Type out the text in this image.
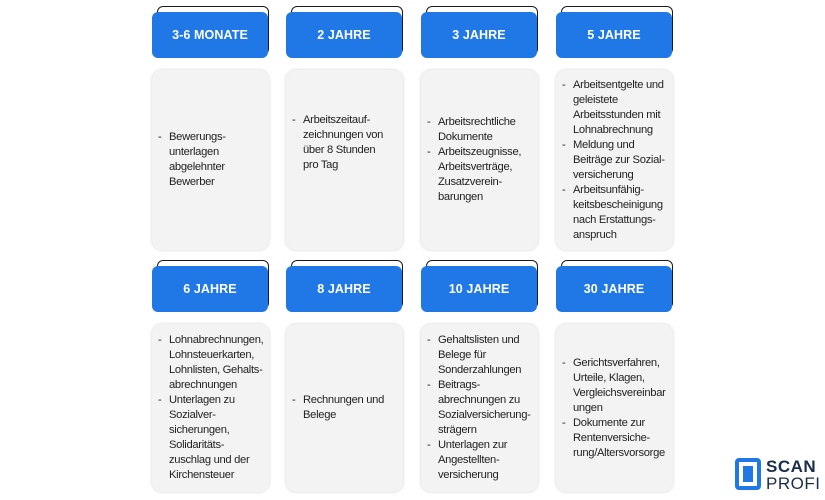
3-6 MONATE
- Bewerungs-
unterlagen
abgelehnter
Bewerber
6 JAHRE
- Lohnabrechnungen,
Lohnsteuerkarten,
Lohnlisten, Gehalts-
abrechnungen
- Unterlagen zu
Sozialver-
sicherungen,
Solidaritäts-
zuschlag und der
Kirchensteuer
2 JAHRE
- Arbeitszeitauf-
zeichnungen von
über 8 Stunden
pro Tag
8 JAHRE
- Rechnungen und
Belege
3 JAHRE
- Arbeitsrechtliche
Dokumente
- Arbeitszeugnisse,
Arbeitsverträge,
Zusatzverein-
barungen
10 JAHRE
- Gehaltslisten und
Belege für
Sonderzahlungen
- Beitrags-
abrechnungen zu
Sozialversicherung-
strägern
- Unterlagen zur
Angestellten-
versicherung
5 JAHRE
- Arbeitsentgelte und
geleistete
Arbeitsstunden mit
Lohnabrechnung
- Meldung und
Beiträge zur Sozial-
versicherung
- Arbeitsunfähig-
keitsbescheinigung
nach Erstattungs-
anspruch
30 JAHRE
- Gerichtsverfahren,
Urteile, Klagen,
Vergleichsvereinbar
ungen
- Dokumente zur
Rentenversiche-
rung/Altersvorsorge
SCAN
PROFI
